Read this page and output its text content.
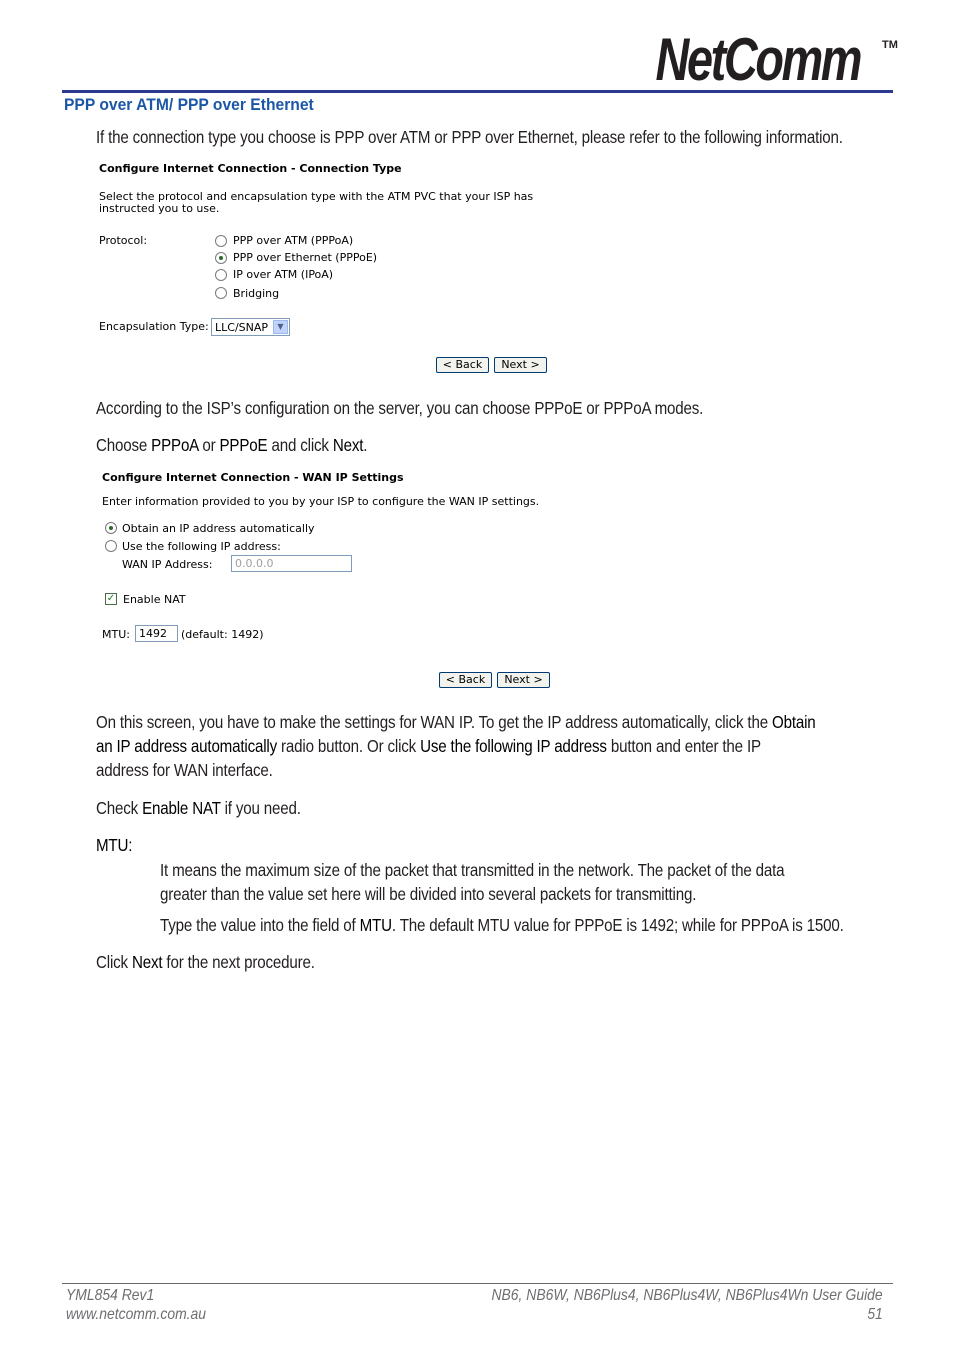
NetComm TM
PPP over ATM/ PPP over Ethernet
If the connection type you choose is PPP over ATM or PPP over Ethernet, please refer to the following information.
Configure Internet Connection - Connection Type
Select the protocol and encapsulation type with the ATM PVC that your ISP has
instructed you to use.
Protocol:	PPP over ATM (PPPoA)
PPP over Ethernet (PPPoE)
IP over ATM (IPoA)
Bridging
Encapsulation Type: LLC/SNAP	▼
< Back	Next >
According to the ISP’s configuration on the server, you can choose PPPoE or PPPoA modes.
Choose PPPoA or PPPoE and click Next.
Configure Internet Connection - WAN IP Settings
Enter information provided to you by your ISP to configure the WAN IP settings.
Obtain an IP address automatically
Use the following IP address:
WAN IP Address:	0.0.0.0
✓ Enable NAT
MTU: 1492	(default: 1492)
< Back	Next >
On this screen, you have to make the settings for WAN IP. To get the IP address automatically, click the Obtain
an IP address automatically radio button. Or click Use the following IP address button and enter the IP
address for WAN interface.
Check Enable NAT if you need.
MTU:
It means the maximum size of the packet that transmitted in the network. The packet of the data
greater than the value set here will be divided into several packets for transmitting.
Type the value into the field of MTU. The default MTU value for PPPoE is 1492; while for PPPoA is 1500.
Click Next for the next procedure.
YML854 Rev1
www.netcomm.com.au
NB6, NB6W, NB6Plus4, NB6Plus4W, NB6Plus4Wn User Guide
51
